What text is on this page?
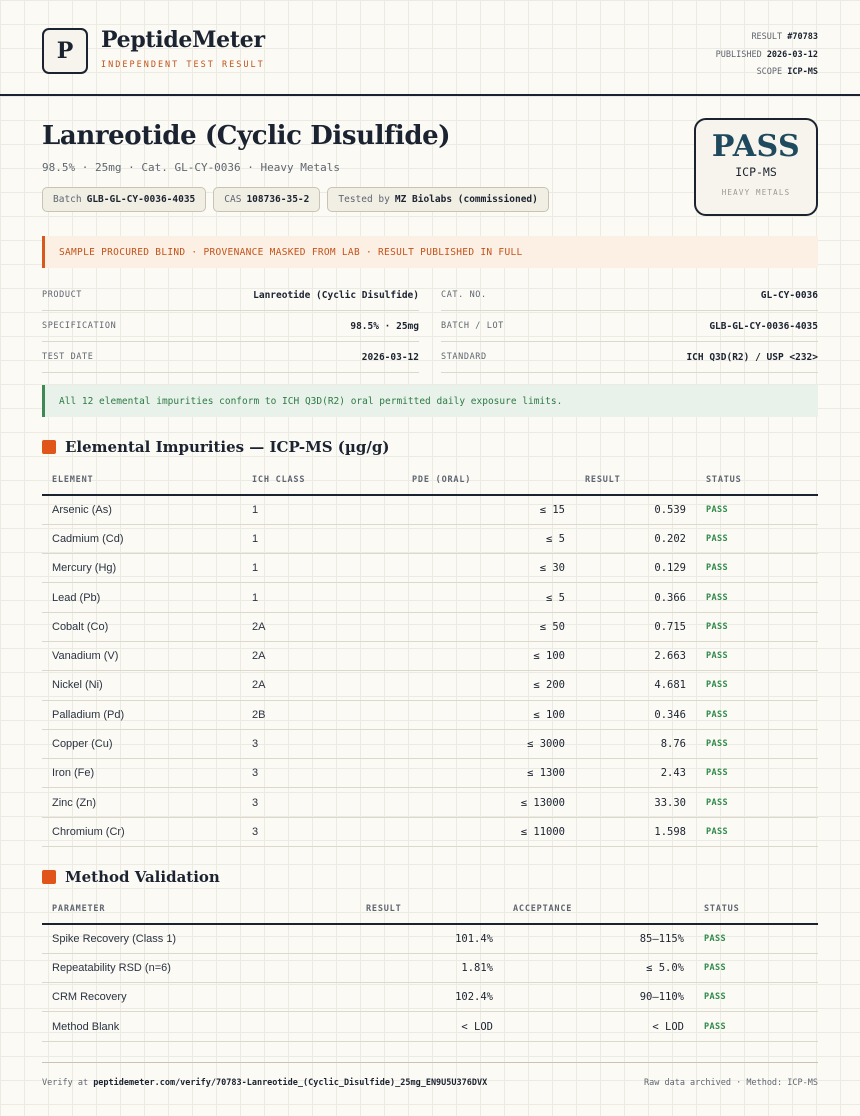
P	PeptideMeter
INDEPENDENT TEST RESULT
RESULT #70783
PUBLISHED 2026-03-12
SCOPE ICP-MS
Lanreotide (Cyclic Disulfide)
98.5% · 25mg · Cat. GL-CY-0036 · Heavy Metals
Batch GLB-GL-CY-0036-4035	CAS 108736-35-2	Tested by MZ Biolabs (commissioned)
PASS
ICP-MS
HEAVY METALS
SAMPLE PROCURED BLIND · PROVENANCE MASKED FROM LAB · RESULT PUBLISHED IN FULL
PRODUCT	Lanreotide (Cyclic Disulfide)
SPECIFICATION	98.5% · 25mg
TEST DATE	2026-03-12
CAT. NO.	GL-CY-0036
BATCH / LOT	GLB-GL-CY-0036-4035
STANDARD	ICH Q3D(R2) / USP <232>
All 12 elemental impurities conform to ICH Q3D(R2) oral permitted daily exposure limits.
Elemental Impurities — ICP-MS (µg/g)
ELEMENT	ICH CLASS	PDE (ORAL)	RESULT	STATUS
Arsenic (As)	1	≤ 15	0.539	PASS
Cadmium (Cd)	1	≤ 5	0.202	PASS
Mercury (Hg)	1	≤ 30	0.129	PASS
Lead (Pb)	1	≤ 5	0.366	PASS
Cobalt (Co)	2A	≤ 50	0.715	PASS
Vanadium (V)	2A	≤ 100	2.663	PASS
Nickel (Ni)	2A	≤ 200	4.681	PASS
Palladium (Pd)	2B	≤ 100	0.346	PASS
Copper (Cu)	3	≤ 3000	8.76	PASS
Iron (Fe)	3	≤ 1300	2.43	PASS
Zinc (Zn)	3	≤ 13000	33.30	PASS
Chromium (Cr)	3	≤ 11000	1.598	PASS
Method Validation
PARAMETER	RESULT	ACCEPTANCE	STATUS
Spike Recovery (Class 1)	101.4%	85–115%	PASS
Repeatability RSD (n=6)	1.81%	≤ 5.0%	PASS
CRM Recovery	102.4%	90–110%	PASS
Method Blank	< LOD	< LOD	PASS
Verify at peptidemeter.com/verify/70783-Lanreotide_(Cyclic_Disulfide)_25mg_EN9U5U376DVX	Raw data archived · Method: ICP-MS
